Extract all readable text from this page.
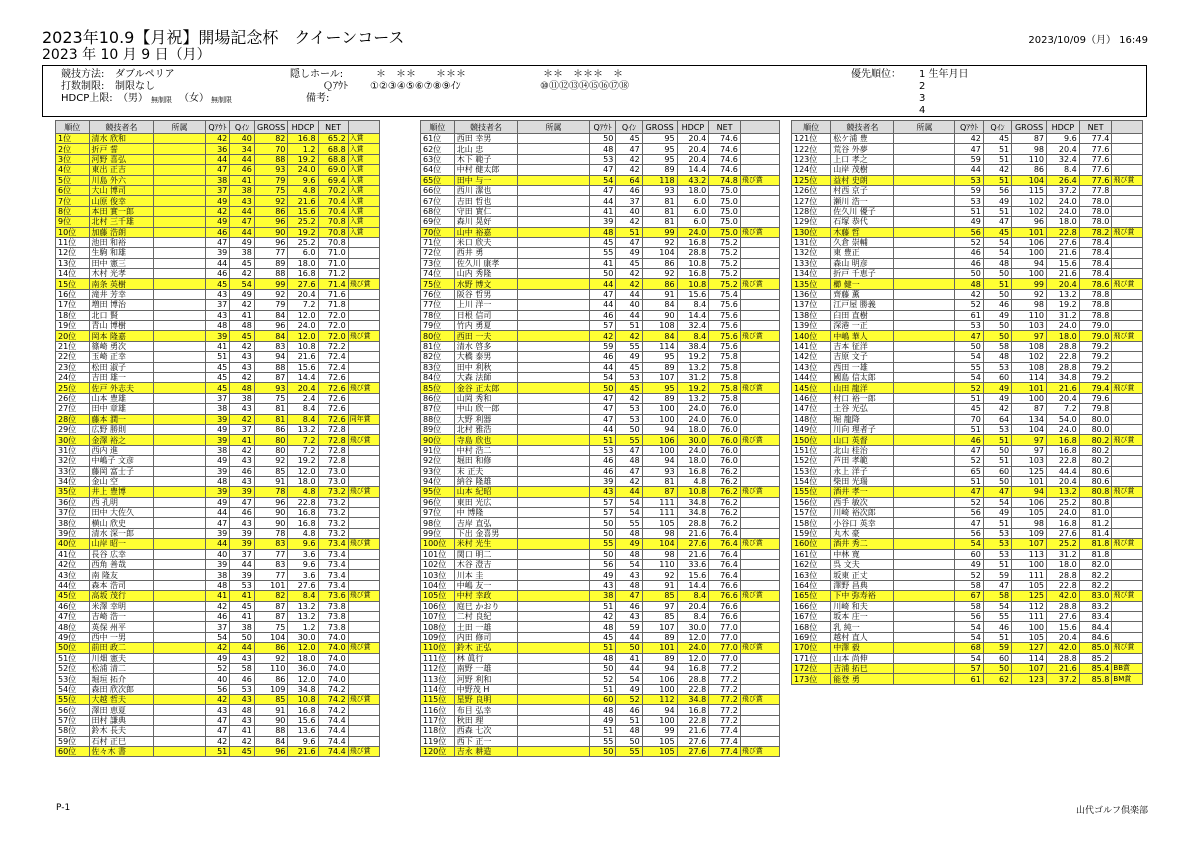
2023年10.9【月祝】開場記念杯　クイーンコース
2023 年 10 月 9 日（月）
2023/10/09（月） 16:49
競技方法: ダブルペリア
打数制限: 制限なし
HDCP上限: （男） 無制限 （女） 無制限
隠しホール:	＊　＊＊　　＊＊＊	＊＊　＊＊＊　＊
Ｑｱｳﾄ ①②③④⑤⑥⑦⑧⑨ｲﾝ	⑩⑪⑫⑬⑭⑮⑯⑰⑱
備考:
優先順位： 1 生年月日
2
3
4
順位	競技者名	所属	Qｱｳﾄ	Qｲﾝ	GROSS	HDCP	NET	
1位	清水 欣和		42	40	82	16.8	65.2	入賞
2位	折戸 誓		36	34	70	1.2	68.8	入賞
3位	河野 喜弘		44	44	88	19.2	68.8	入賞
4位	東出 正吉		47	46	93	24.0	69.0	入賞
5位	川島 外六		38	41	79	9.6	69.4	入賞
6位	大山 博司		37	38	75	4.8	70.2	入賞
7位	山原 俊幸		49	43	92	21.6	70.4	入賞
8位	本田 實一郎		42	44	86	15.6	70.4	入賞
9位	北村 三千雄		49	47	96	25.2	70.8	入賞
10位	加藤 浩朗		46	44	90	19.2	70.8	入賞
11位	池田 和裕		47	49	96	25.2	70.8	
12位	生駒 和雄		39	38	77	6.0	71.0	
13位	田中 憲三		44	45	89	18.0	71.0	
14位	木村 光孝		46	42	88	16.8	71.2	
15位	南条 英樹		45	54	99	27.6	71.4	飛び賞
16位	滝井 芳幸		43	49	92	20.4	71.6	
17位	増田 博治		37	42	79	7.2	71.8	
18位	北口 賢		43	41	84	12.0	72.0	
19位	青山 博樹		48	48	96	24.0	72.0	
20位	岡本 隆嘉		39	45	84	12.0	72.0	飛び賞
21位	篠崎 勇次		41	42	83	10.8	72.2	
22位	玉崎 正幸		51	43	94	21.6	72.4	
23位	松田 淑子		45	43	88	15.6	72.4	
24位	吉田 雄一		45	42	87	14.4	72.6	
25位	佐戸 外志夫		45	48	93	20.4	72.6	飛び賞
26位	山本 豊雄		37	38	75	2.4	72.6	
27位	田中 章雄		38	43	81	8.4	72.6	
28位	藤本 潤一		39	42	81	8.4	72.6	同年賞
29位	広野 勝則		49	37	86	13.2	72.8	
30位	金澤 裕之		39	41	80	7.2	72.8	飛び賞
31位	西内 進		38	42	80	7.2	72.8	
32位	中嶋子 文彦		49	43	92	19.2	72.8	
33位	藤岡 富士子		39	46	85	12.0	73.0	
34位	金山 空		48	43	91	18.0	73.0	
35位	井上 豊博		39	39	78	4.8	73.2	飛び賞
36位	西 孔明		49	47	96	22.8	73.2	
37位	田中 大佐久		44	46	90	16.8	73.2	
38位	横山 欣史		47	43	90	16.8	73.2	
39位	清水 深一郎		39	39	78	4.8	73.2	
40位	山岸 昭一		44	39	83	9.6	73.4	飛び賞
41位	長谷 広幸		40	37	77	3.6	73.4	
42位	西角 善哉		39	44	83	9.6	73.4	
43位	南 隆友		38	39	77	3.6	73.4	
44位	森本 浩司		48	53	101	27.6	73.4	
45位	高坂 茂行		41	41	82	8.4	73.6	飛び賞
46位	米澤 幸明		42	45	87	13.2	73.8	
47位	吉崎 浩一		46	41	87	13.2	73.8	
48位	英保 州平		37	38	75	1.2	73.8	
49位	西中 一男		54	50	104	30.0	74.0	
50位	前田 政二		42	44	86	12.0	74.0	飛び賞
51位	川畑 憲夫		49	43	92	18.0	74.0	
52位	松浦 清二		52	58	110	36.0	74.0	
53位	堀垣 拓介		40	46	86	12.0	74.0	
54位	森田 欣次郎		56	53	109	34.8	74.2	
55位	大越 哲夫		42	43	85	10.8	74.2	飛び賞
56位	澤田 恵夏		43	48	91	16.8	74.2	
57位	田村 謙典		47	43	90	15.6	74.4	
58位	鈴木 長夫		47	41	88	13.6	74.4	
59位	石村 正巳		42	42	84	9.6	74.4	
60位	佐々木 書		51	45	96	21.6	74.4	飛び賞
順位	競技者名	所属	Qｱｳﾄ	Qｲﾝ	GROSS	HDCP	NET	
61位	西田 幸男		50	45	95	20.4	74.6	
62位	北山 忠		48	47	95	20.4	74.6	
63位	木下 範子		53	42	95	20.4	74.6	
64位	中村 健太郎		47	42	89	14.4	74.6	
65位	田中 与一		54	64	118	43.2	74.8	飛び賞
66位	西川 潔也		47	46	93	18.0	75.0	
67位	吉田 哲也		44	37	81	6.0	75.0	
68位	守田 實仁		41	40	81	6.0	75.0	
69位	森川 晃好		39	42	81	6.0	75.0	
70位	山中 裕嘉		48	51	99	24.0	75.0	飛び賞
71位	米口 欣夫		45	47	92	16.8	75.2	
72位	西井 勇		55	49	104	28.8	75.2	
73位	佐久川 康孝		41	45	86	10.8	75.2	
74位	山内 秀隆		50	42	92	16.8	75.2	
75位	水野 博文		44	42	86	10.8	75.2	飛び賞
76位	阪谷 哲男		47	44	91	15.6	75.4	
77位	上川 洋一		44	40	84	8.4	75.6	
78位	日根 信司		46	44	90	14.4	75.6	
79位	竹内 勇夏		57	51	108	32.4	75.6	
80位	西田 一夫		42	42	84	8.4	75.6	飛び賞
81位	清水 啓多		59	55	114	38.4	75.6	
82位	大橋 泰男		46	49	95	19.2	75.8	
83位	田中 利秋		44	45	89	13.2	75.8	
84位	大森 法師		54	53	107	31.2	75.8	
85位	金谷 正太郎		50	45	95	19.2	75.8	飛び賞
86位	山岡 秀和		47	42	89	13.2	75.8	
87位	中山 欣一郎		47	53	100	24.0	76.0	
88位	大野 利器		47	53	100	24.0	76.0	
89位	北村 雅浩		44	50	94	18.0	76.0	
90位	寺島 欣也		51	55	106	30.0	76.0	飛び賞
91位	中村 浩二		53	47	100	24.0	76.0	
92位	堀田 和修		46	48	94	18.0	76.0	
93位	末 正夫		46	47	93	16.8	76.2	
94位	納谷 隆雄		39	42	81	4.8	76.2	
95位	山本 紀昭		43	44	87	10.8	76.2	飛び賞
96位	東田 光広		57	54	111	34.8	76.2	
97位	中 博隆		57	54	111	34.8	76.2	
98位	吉岸 直弘		50	55	105	28.8	76.2	
99位	下出 金喜男		50	48	98	21.6	76.4	
100位	米村 光生		55	49	104	27.6	76.4	飛び賞
101位	関口 明二		50	48	98	21.6	76.4	
102位	木谷 澄吉		56	54	110	33.6	76.4	
103位	川本 圭		49	43	92	15.6	76.4	
104位	中嶋 友一		43	48	91	14.4	76.6	
105位	中村 幸政		38	47	85	8.4	76.6	飛び賞
106位	庭巳 かおり		51	46	97	20.4	76.6	
107位	二村 良紀		42	43	85	8.4	76.6	
108位	土田 一雄		48	59	107	30.0	77.0	
109位	内田 修司		45	44	89	12.0	77.0	
110位	鈴木 正弘		51	50	101	24.0	77.0	飛び賞
111位	林 眞行		48	41	89	12.0	77.0	
112位	南野 一雄		50	44	94	16.8	77.2	
113位	河野 利和		52	54	106	28.8	77.2	
114位	中野茂 H		51	49	100	22.8	77.2	
115位	星野 良明		60	52	112	34.8	77.2	飛び賞
116位	布目 弘幸		48	46	94	16.8	77.2	
117位	秋田 理		49	51	100	22.8	77.2	
118位	西森 七次		51	48	99	21.6	77.4	
119位	西下 正一		55	50	105	27.6	77.4	
120位	吉永 耕造		50	55	105	27.6	77.4	飛び賞
順位	競技者名	所属	Qｱｳﾄ	Qｲﾝ	GROSS	HDCP	NET	
121位	松ケ浦 豊		42	45	87	9.6	77.4	
122位	荒谷 外夢		47	51	98	20.4	77.6	
123位	上口 孝之		59	51	110	32.4	77.6	
124位	山岸 茂樹		44	42	86	8.4	77.6	
125位	益村 史朗		53	51	104	26.4	77.6	飛び賞
126位	村西 京子		59	56	115	37.2	77.8	
127位	瀬川 浩一		53	49	102	24.0	78.0	
128位	佐久川 優子		51	51	102	24.0	78.0	
129位	石塚 恭代		49	47	96	18.0	78.0	
130位	木藤 哲		56	45	101	22.8	78.2	飛び賞
131位	久倉 崇輔		52	54	106	27.6	78.4	
132位	東 豊正		46	54	100	21.6	78.4	
133位	森山 明彦		46	48	94	15.6	78.4	
134位	折戸 千恵子		50	50	100	21.6	78.4	
135位	櫛 健一		48	51	99	20.4	78.6	飛び賞
136位	齊藤 薫		42	50	92	13.2	78.8	
137位	江戸屋 勝義		52	46	98	19.2	78.8	
138位	臼田 直樹		61	49	110	31.2	78.8	
139位	深港 一正		53	50	103	24.0	79.0	
140位	中嶋 華人		47	50	97	18.0	79.0	飛び賞
141位	吉本 征洋		50	58	108	28.8	79.2	
142位	吉原 文子		54	48	102	22.8	79.2	
143位	西田 一雄		55	53	108	28.8	79.2	
144位	國島 信太郎		54	60	114	34.8	79.2	
145位	山田 龍洋		52	49	101	21.6	79.4	飛び賞
146位	村口 裕一郎		51	49	100	20.4	79.6	
147位	土谷 光弘		45	42	87	7.2	79.8	
148位	堀 龍降		70	64	134	54.0	80.0	
149位	川向 理者子		51	53	104	24.0	80.0	
150位	山口 英督		46	51	97	16.8	80.2	飛び賞
151位	北山 桂治		47	50	97	16.8	80.2	
152位	芦田 孝範		52	51	103	22.8	80.2	
153位	永上 洋子		65	60	125	44.4	80.6	
154位	柴田 光瑞		51	50	101	20.4	80.6	
155位	酒井 孝一		47	47	94	13.2	80.8	飛び賞
156位	西手 敏次		52	54	106	25.2	80.8	
157位	川崎 裕次郎		56	49	105	24.0	81.0	
158位	小谷口 英幸		47	51	98	16.8	81.2	
159位	丸木 豪		56	53	109	27.6	81.4	
160位	酒井 秀二		54	53	107	25.2	81.8	飛び賞
161位	中林 寛		60	53	113	31.2	81.8	
162位	呉 文夫		49	51	100	18.0	82.0	
163位	坂東 正丈		52	59	111	28.8	82.2	
164位	澤野 昌典		58	47	105	22.8	82.2	
165位	下中 弥寿裕		67	58	125	42.0	83.0	飛び賞
166位	川崎 和夫		58	54	112	28.8	83.2	
167位	坂本 庄一		56	55	111	27.6	83.4	
168位	乳 純一		54	46	100	15.6	84.4	
169位	越村 直人		54	51	105	20.4	84.6	
170位	中澤 毅		68	59	127	42.0	85.0	飛び賞
171位	山本 尚伸		54	60	114	28.8	85.2	
172位	吉浦 拓巳		57	50	107	21.6	85.4	BB賞
173位	能登 勇		61	62	123	37.2	85.8	BM賞
P-1	山代ゴルフ倶楽部
